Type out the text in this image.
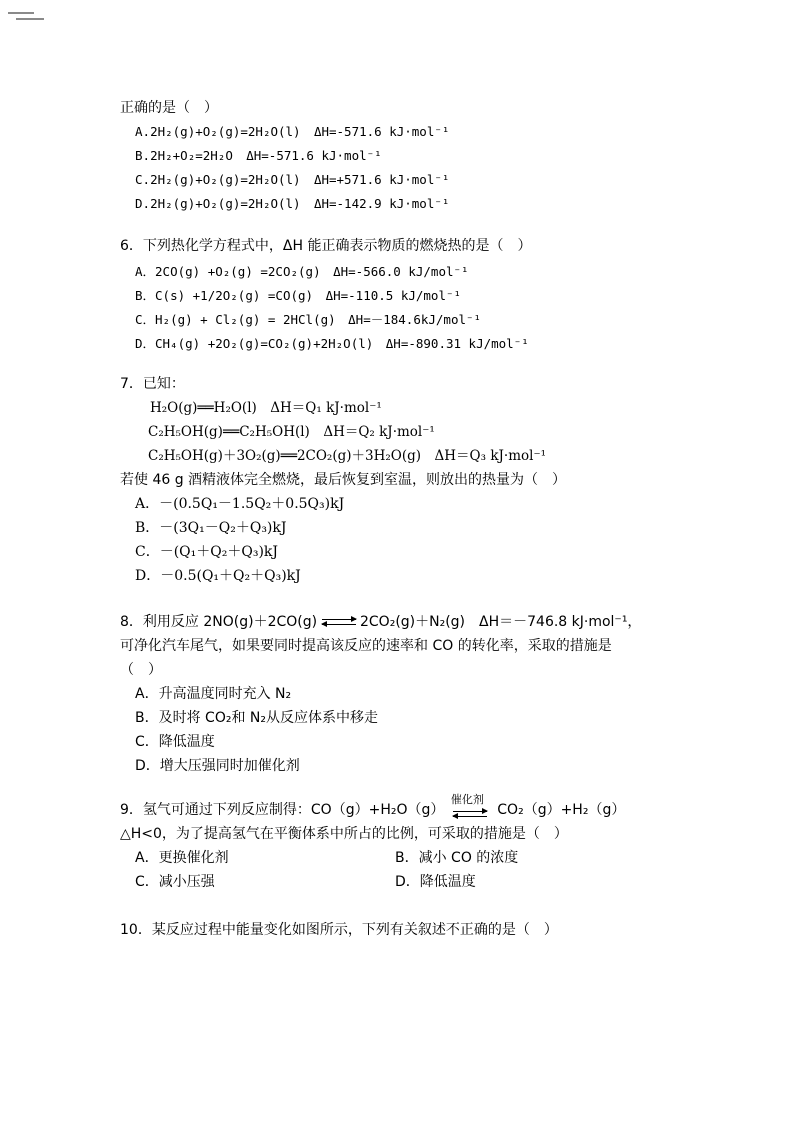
正确的是（　）
A.2H₂(g)+O₂(g)=2H₂O(l) ΔH=-571.6 kJ·mol⁻¹
B.2H₂+O₂=2H₂O ΔH=-571.6 kJ·mol⁻¹
C.2H₂(g)+O₂(g)=2H₂O(l) ΔH=+571.6 kJ·mol⁻¹
D.2H₂(g)+O₂(g)=2H₂O(l) ΔH=-142.9 kJ·mol⁻¹
6．下列热化学方程式中，ΔH 能正确表示物质的燃烧热的是（　）
A．2CO(g) +O₂(g) =2CO₂(g)　ΔH=-566.0 kJ/mol⁻¹
B．C(s) +1/2O₂(g) =CO(g)　ΔH=-110.5 kJ/mol⁻¹
C．H₂(g) + Cl₂(g) = 2HCl(g)　ΔH=－184.6kJ/mol⁻¹
D．CH₄(g) +2O₂(g)=CO₂(g)+2H₂O(l)　ΔH=-890.31 kJ/mol⁻¹
7．已知：
H₂O(g)══H₂O(l)　ΔH＝Q₁ kJ·mol⁻¹
C₂H₅OH(g)══C₂H₅OH(l)　ΔH＝Q₂ kJ·mol⁻¹
C₂H₅OH(g)＋3O₂(g)══2CO₂(g)＋3H₂O(g)　ΔH＝Q₃ kJ·mol⁻¹
若使 46 g 酒精液体完全燃烧，最后恢复到室温，则放出的热量为（　）
A．－(0.5Q₁－1.5Q₂＋0.5Q₃)kJ
B．－(3Q₁－Q₂＋Q₃)kJ
C．－(Q₁＋Q₂＋Q₃)kJ
D．－0.5(Q₁＋Q₂＋Q₃)kJ
8．利用反应 2NO(g)＋2CO(g) ⇌ 2CO₂(g)＋N₂(g)　ΔH＝－746.8 kJ·mol⁻¹，
可净化汽车尾气，如果要同时提高该反应的速率和 CO 的转化率，采取的措施是
（　）
A．升高温度同时充入 N₂
B．及时将 CO₂和 N₂从反应体系中移走
C．降低温度
D．增大压强同时加催化剂
9．氢气可通过下列反应制得：CO（g）+H₂O（g）
催化剂
CO₂（g）+H₂（g）
△H<0，为了提高氢气在平衡体系中所占的比例，可采取的措施是（　）
A．更换催化剂	B．减小 CO 的浓度
C．减小压强	D．降低温度
10．某反应过程中能量变化如图所示，下列有关叙述不正确的是（　）
